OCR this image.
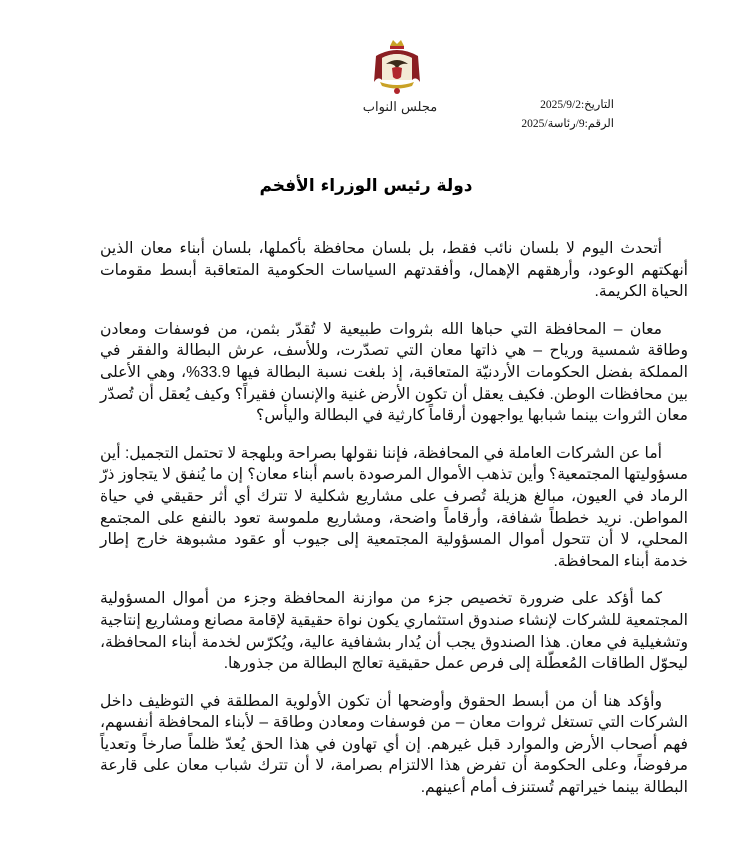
مجلس النواب	التاريخ:
2025/9/2
الرقم:
9/رئاسة/2025
دولة رئيس الوزراء الأفخم

أتحدث اليوم لا بلسان نائب فقط، بل بلسان محافظة بأكملها، بلسان أبناء معان الذين أنهكتهم الوعود، وأرهقهم الإهمال، وأفقدتهم السياسات الحكومية المتعاقبة أبسط مقومات الحياة الكريمة.

معان – المحافظة التي حباها الله بثروات طبيعية لا تُقدّر بثمن، من فوسفات ومعادن وطاقة شمسية ورياح – هي ذاتها معان التي تصدّرت، وللأسف، عرش البطالة والفقر في المملكة بفضل الحكومات الأردنيّة المتعاقبة، إذ بلغت نسبة البطالة فيها 33.9%، وهي الأعلى بين محافظات الوطن. فكيف يعقل أن تكون الأرض غنية والإنسان فقيراً؟ وكيف يُعقل أن تُصدّر معان الثروات بينما شبابها يواجهون أرقاماً كارثية في البطالة واليأس؟

أما عن الشركات العاملة في المحافظة، فإننا نقولها بصراحة وبلهجة لا تحتمل التجميل: أين مسؤوليتها المجتمعية؟ وأين تذهب الأموال المرصودة باسم أبناء معان؟ إن ما يُنفق لا يتجاوز ذرّ الرماد في العيون، مبالغ هزيلة تُصرف على مشاريع شكلية لا تترك أي أثر حقيقي في حياة المواطن. نريد خططاً شفافة، وأرقاماً واضحة، ومشاريع ملموسة تعود بالنفع على المجتمع المحلي، لا أن تتحول أموال المسؤولية المجتمعية إلى جيوب أو عقود مشبوهة خارج إطار خدمة أبناء المحافظة.

كما أؤكد على ضرورة تخصيص جزء من موازنة المحافظة وجزء من أموال المسؤولية المجتمعية للشركات لإنشاء صندوق استثماري يكون نواة حقيقية لإقامة مصانع ومشاريع إنتاجية وتشغيلية في معان. هذا الصندوق يجب أن يُدار بشفافية عالية، ويُكرّس لخدمة أبناء المحافظة، ليحوّل الطاقات المُعطّلة إلى فرص عمل حقيقية تعالج البطالة من جذورها.

وأؤكد هنا أن من أبسط الحقوق وأوضحها أن تكون الأولوية المطلقة في التوظيف داخل الشركات التي تستغل ثروات معان – من فوسفات ومعادن وطاقة – لأبناء المحافظة أنفسهم، فهم أصحاب الأرض والموارد قبل غيرهم. إن أي تهاون في هذا الحق يُعدّ ظلماً صارخاً وتعدياً مرفوضاً، وعلى الحكومة أن تفرض هذا الالتزام بصرامة، لا أن تترك شباب معان على قارعة البطالة بينما خيراتهم تُستنزف أمام أعينهم.
